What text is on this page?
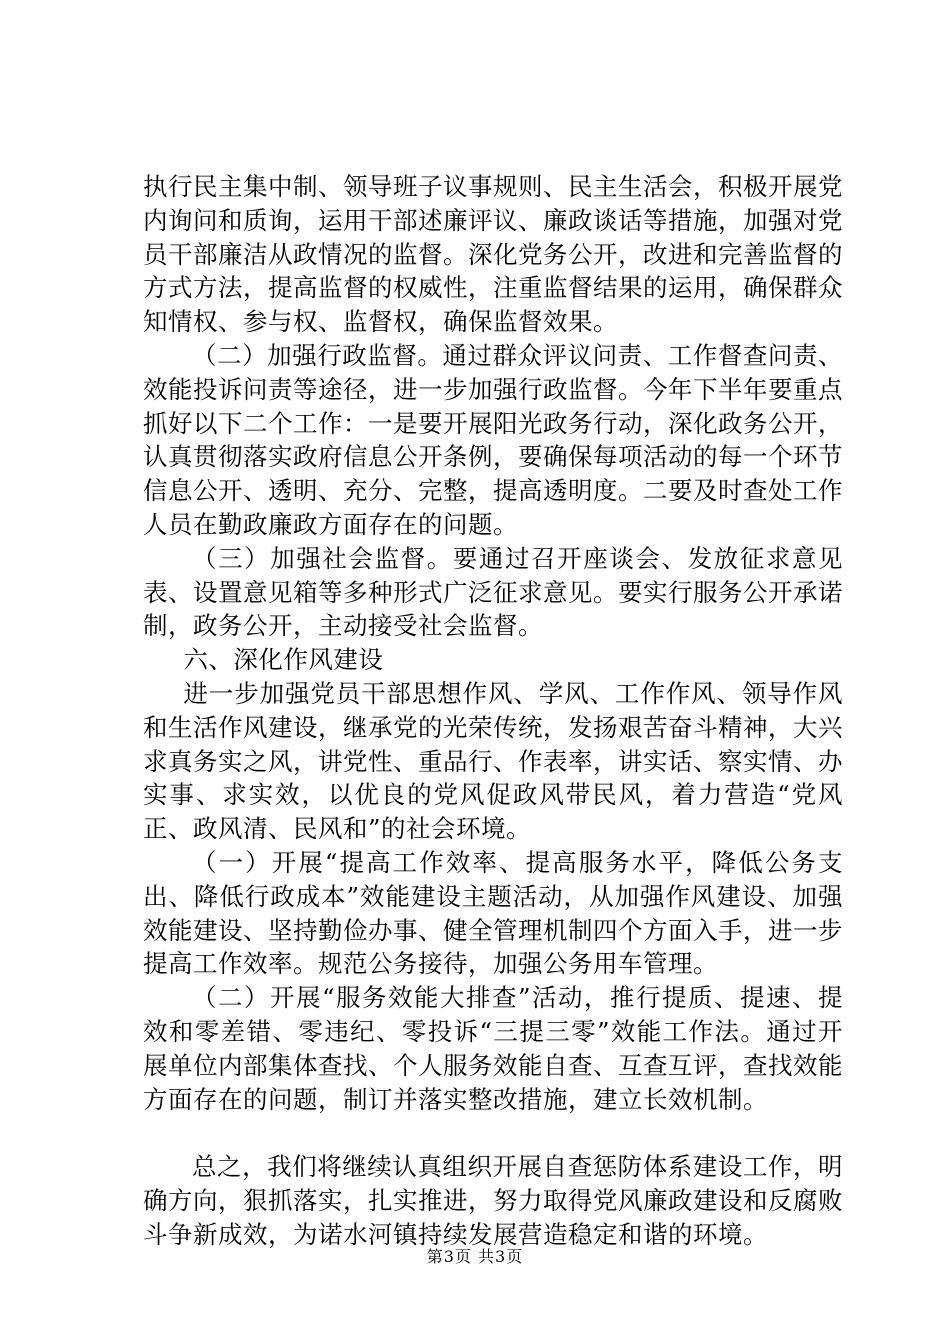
执行民主集中制、领导班子议事规则、民主生活会，积极开展党内询问和质询，运用干部述廉评议、廉政谈话等措施，加强对党员干部廉洁从政情况的监督。深化党务公开，改进和完善监督的方式方法，提高监督的权威性，注重监督结果的运用，确保群众知情权、参与权、监督权，确保监督效果。

（二）加强行政监督。通过群众评议问责、工作督查问责、效能投诉问责等途径，进一步加强行政监督。今年下半年要重点抓好以下二个工作：一是要开展阳光政务行动，深化政务公开，认真贯彻落实政府信息公开条例，要确保每项活动的每一个环节信息公开、透明、充分、完整，提高透明度。二要及时查处工作人员在勤政廉政方面存在的问题。

（三）加强社会监督。要通过召开座谈会、发放征求意见表、设置意见箱等多种形式广泛征求意见。要实行服务公开承诺制，政务公开，主动接受社会监督。

六、深化作风建设

进一步加强党员干部思想作风、学风、工作作风、领导作风和生活作风建设，继承党的光荣传统，发扬艰苦奋斗精神，大兴求真务实之风，讲党性、重品行、作表率，讲实话、察实情、办实事、求实效，以优良的党风促政风带民风，着力营造“党风正、政风清、民风和”的社会环境。

（一）开展“提高工作效率、提高服务水平，降低公务支出、降低行政成本”效能建设主题活动，从加强作风建设、加强效能建设、坚持勤俭办事、健全管理机制四个方面入手，进一步提高工作效率。规范公务接待，加强公务用车管理。

（二）开展“服务效能大排查”活动，推行提质、提速、提效和零差错、零违纪、零投诉“三提三零”效能工作法。通过开展单位内部集体查找、个人服务效能自查、互查互评，查找效能方面存在的问题，制订并落实整改措施，建立长效机制。

总之，我们将继续认真组织开展自查惩防体系建设工作，明确方向，狠抓落实，扎实推进，努力取得党风廉政建设和反腐败斗争新成效，为诺水河镇持续发展营造稳定和谐的环境。

第3页 共3页
